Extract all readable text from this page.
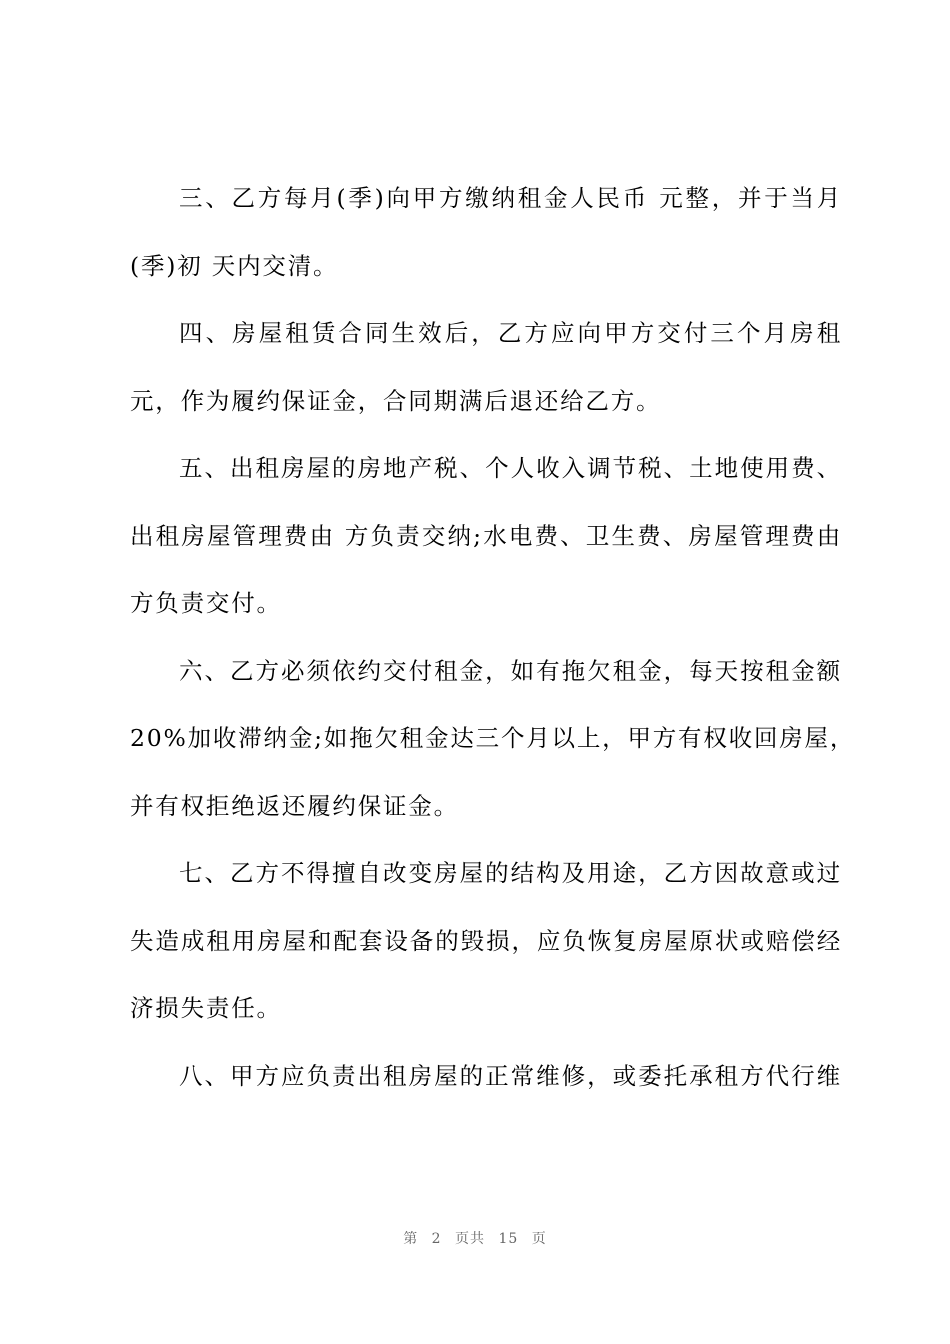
三、乙方每月(季)向甲方缴纳租金人民币 元整，并于当月
(季)初 天内交清。
四、房屋租赁合同生效后，乙方应向甲方交付三个月房租
元，作为履约保证金，合同期满后退还给乙方。
五、出租房屋的房地产税、个人收入调节税、土地使用费、
出租房屋管理费由 方负责交纳;水电费、卫生费、房屋管理费由
方负责交付。
六、乙方必须依约交付租金，如有拖欠租金，每天按租金额
20%加收滞纳金;如拖欠租金达三个月以上，甲方有权收回房屋，
并有权拒绝返还履约保证金。
七、乙方不得擅自改变房屋的结构及用途，乙方因故意或过
失造成租用房屋和配套设备的毁损，应负恢复房屋原状或赔偿经
济损失责任。
八、甲方应负责出租房屋的正常维修，或委托承租方代行维
第 2 页共 15 页
